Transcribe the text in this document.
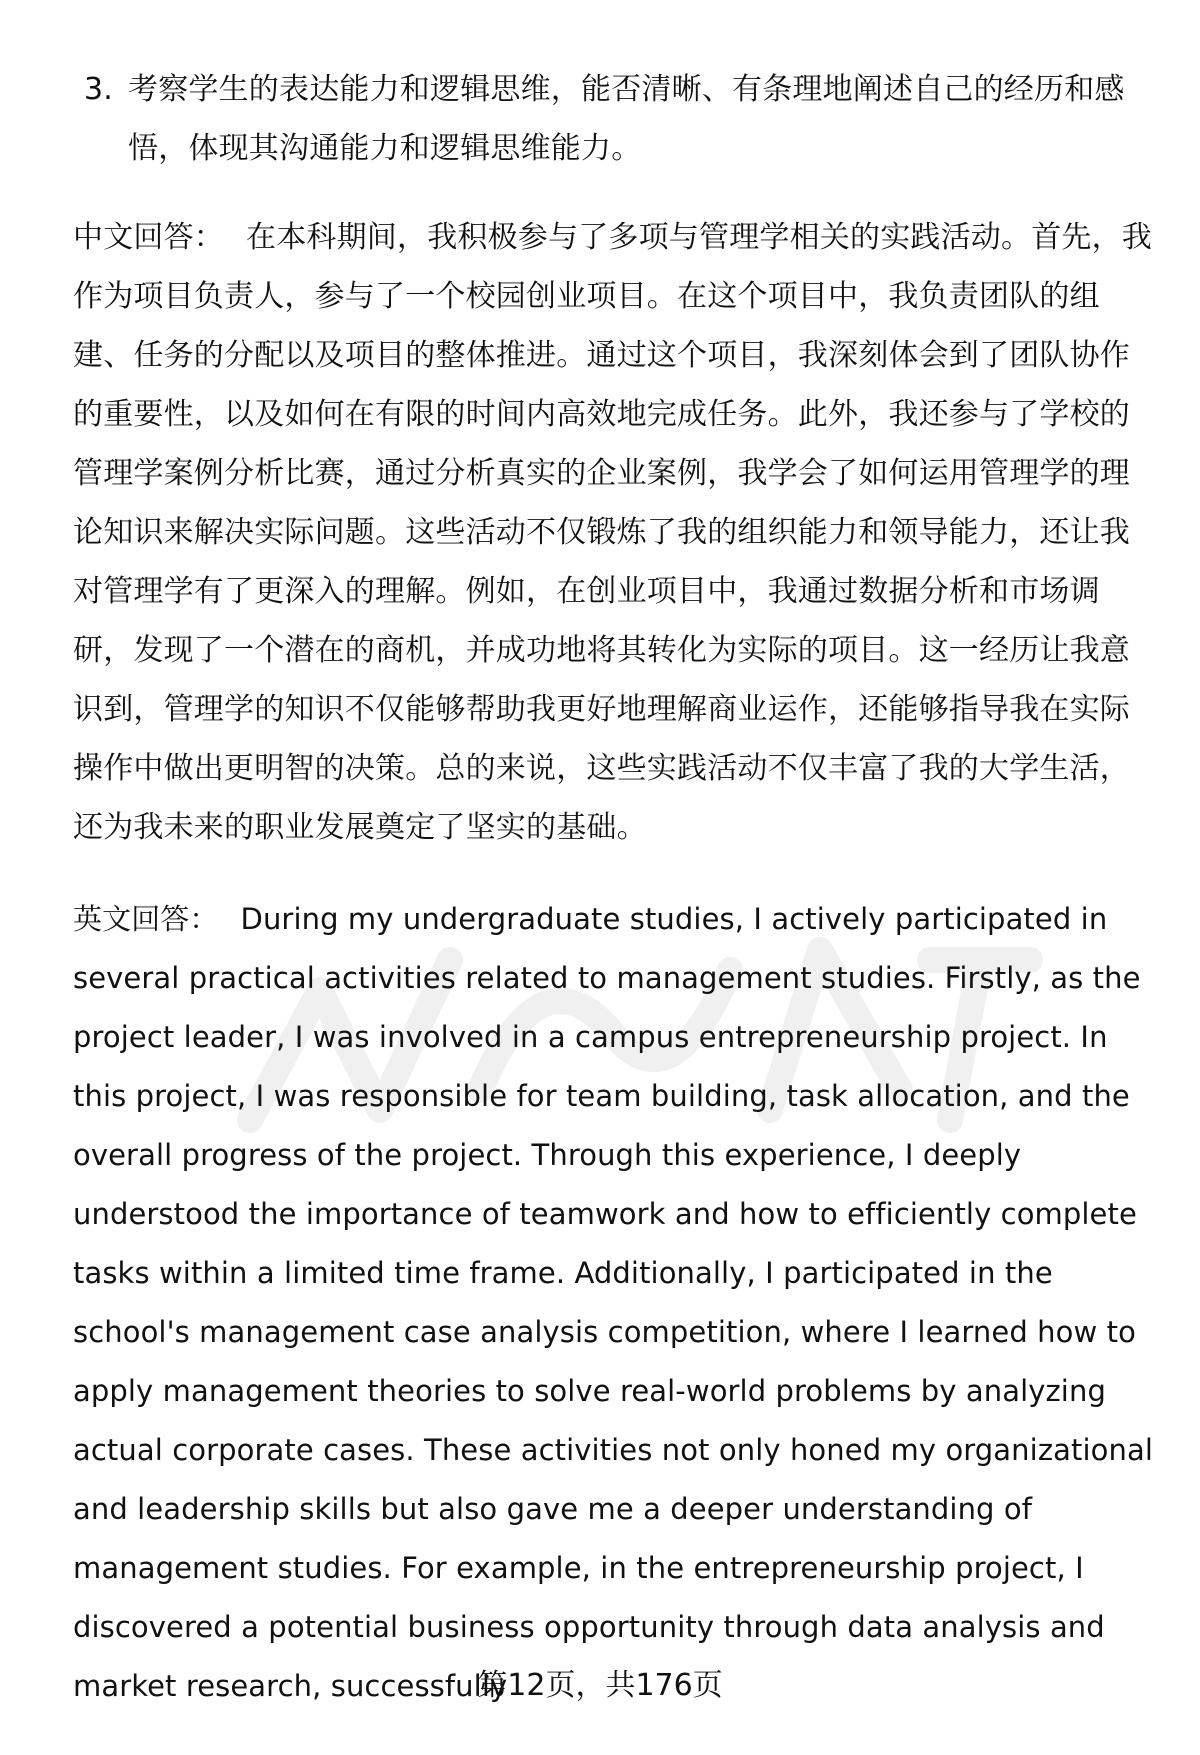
3. 考察学生的表达能力和逻辑思维，能否清晰、有条理地阐述自己的经历和感悟，体现其沟通能力和逻辑思维能力。

中文回答： 在本科期间，我积极参与了多项与管理学相关的实践活动。首先，我作为项目负责人，参与了一个校园创业项目。在这个项目中，我负责团队的组建、任务的分配以及项目的整体推进。通过这个项目，我深刻体会到了团队协作的重要性，以及如何在有限的时间内高效地完成任务。此外，我还参与了学校的管理学案例分析比赛，通过分析真实的企业案例，我学会了如何运用管理学的理论知识来解决实际问题。这些活动不仅锻炼了我的组织能力和领导能力，还让我对管理学有了更深入的理解。例如，在创业项目中，我通过数据分析和市场调研，发现了一个潜在的商机，并成功地将其转化为实际的项目。这一经历让我意识到，管理学的知识不仅能够帮助我更好地理解商业运作，还能够指导我在实际操作中做出更明智的决策。总的来说，这些实践活动不仅丰富了我的大学生活，还为我未来的职业发展奠定了坚实的基础。

英文回答： During my undergraduate studies, I actively participated in several practical activities related to management studies. Firstly, as the project leader, I was involved in a campus entrepreneurship project. In this project, I was responsible for team building, task allocation, and the overall progress of the project. Through this experience, I deeply understood the importance of teamwork and how to efficiently complete tasks within a limited time frame. Additionally, I participated in the school's management case analysis competition, where I learned how to apply management theories to solve real-world problems by analyzing actual corporate cases. These activities not only honed my organizational and leadership skills but also gave me a deeper understanding of management studies. For example, in the entrepreneurship project, I discovered a potential business opportunity through data analysis and market research, successfully

第12页，共176页
